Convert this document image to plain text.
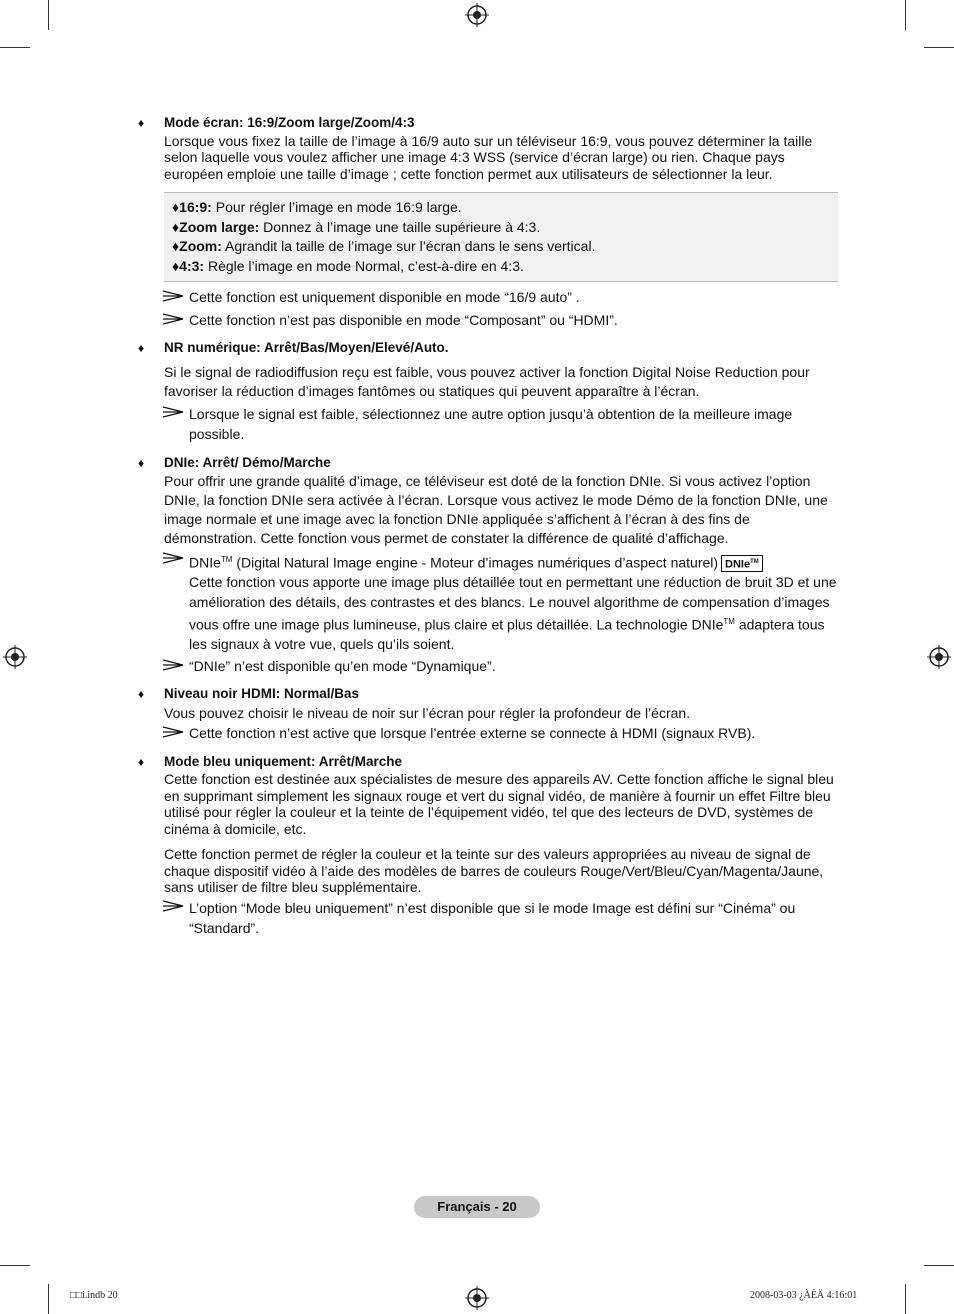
♦ Mode écran: 16:9/Zoom large/Zoom/4:3

Lorsque vous fixez la taille de l’image à 16/9 auto sur un téléviseur 16:9, vous pouvez déterminer la taille selon laquelle vous voulez afficher une image 4:3 WSS (service d’écran large) ou rien. Chaque pays européen emploie une taille d’image ; cette fonction permet aux utilisateurs de sélectionner la leur.

♦16:9: Pour régler l’image en mode 16:9 large.
♦Zoom large: Donnez à l’image une taille supérieure à 4:3.
♦Zoom: Agrandit la taille de l’image sur l’écran dans le sens vertical.
♦4:3: Règle l’image en mode Normal, c’est-à-dire en 4:3.

Cette fonction est uniquement disponible en mode “16/9 auto” .

Cette fonction n’est pas disponible en mode “Composant” ou “HDMI”.

♦ NR numérique: Arrêt/Bas/Moyen/Elevé/Auto.

Si le signal de radiodiffusion reçu est faible, vous pouvez activer la fonction Digital Noise Reduction pour favoriser la réduction d’images fantômes ou statiques qui peuvent apparaître à l’écran.

Lorsque le signal est faible, sélectionnez une autre option jusqu’à obtention de la meilleure image possible.

♦ DNIe: Arrêt/ Démo/Marche

Pour offrir une grande qualité d’image, ce téléviseur est doté de la fonction DNIe. Si vous activez l’option DNIe, la fonction DNIe sera activée à l’écran. Lorsque vous activez le mode Démo de la fonction DNIe, une image normale et une image avec la fonction DNIe appliquée s’affichent à l’écran à des fins de démonstration. Cette fonction vous permet de constater la différence de qualité d’affichage.

DNIe™ (Digital Natural Image engine - Moteur d’images numériques d’aspect naturel) DNIe™
Cette fonction vous apporte une image plus détaillée tout en permettant une réduction de bruit 3D et une amélioration des détails, des contrastes et des blancs. Le nouvel algorithme de compensation d’images vous offre une image plus lumineuse, plus claire et plus détaillée. La technologie DNIe™ adaptera tous les signaux à votre vue, quels qu’ils soient.

“DNIe” n’est disponible qu’en mode “Dynamique”.

♦ Niveau noir HDMI: Normal/Bas

Vous pouvez choisir le niveau de noir sur l’écran pour régler la profondeur de l’écran.

Cette fonction n’est active que lorsque l’entrée externe se connecte à HDMI (signaux RVB).

♦ Mode bleu uniquement: Arrêt/Marche

Cette fonction est destinée aux spécialistes de mesure des appareils AV. Cette fonction affiche le signal bleu en supprimant simplement les signaux rouge et vert du signal vidéo, de manière à fournir un effet Filtre bleu utilisé pour régler la couleur et la teinte de l’équipement vidéo, tel que des lecteurs de DVD, systèmes de cinéma à domicile, etc.

Cette fonction permet de régler la couleur et la teinte sur des valeurs appropriées au niveau de signal de chaque dispositif vidéo à l’aide des modèles de barres de couleurs Rouge/Vert/Bleu/Cyan/Magenta/Jaune, sans utiliser de filtre bleu supplémentaire.

L’option “Mode bleu uniquement” n’est disponible que si le mode Image est défini sur “Cinéma” ou “Standard”.

Français - 20
□□i.indb 20	2008-03-03 ¿ÀÈÄ 4:16:01
